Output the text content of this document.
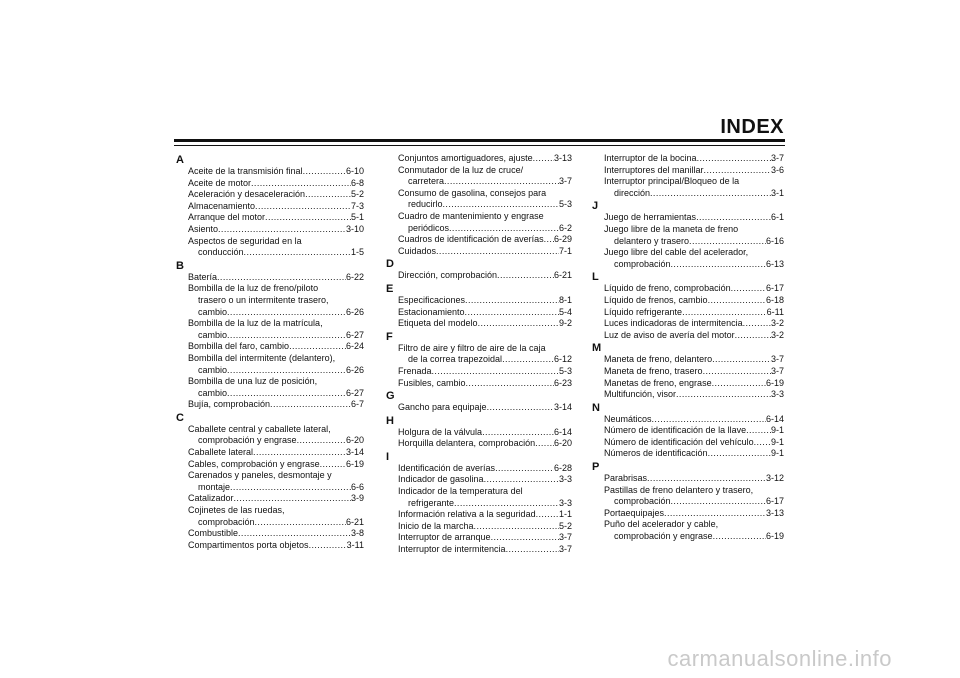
INDEX
A
Aceite de la transmisión final .....	6-10
Aceite de motor .....	6-8
Aceleración y desaceleración .....	5-2
Almacenamiento .....	7-3
Arranque del motor .....	5-1
Asiento .....	3-10
Aspectos de seguridad en la
conducción .....	1-5
B
Batería .....	6-22
Bombilla de la luz de freno/piloto
trasero o un intermitente trasero,
cambio .....	6-26
Bombilla de la luz de la matrícula,
cambio .....	6-27
Bombilla del faro, cambio .....	6-24
Bombilla del intermitente (delantero),
cambio .....	6-26
Bombilla de una luz de posición,
cambio .....	6-27
Bujía, comprobación .....	6-7
C
Caballete central y caballete lateral,
comprobación y engrase .....	6-20
Caballete lateral .....	3-14
Cables, comprobación y engrase .....	6-19
Carenados y paneles, desmontaje y
montaje .....	6-6
Catalizador .....	3-9
Cojinetes de las ruedas,
comprobación .....	6-21
Combustible .....	3-8
Compartimentos porta objetos .....	3-11
Conjuntos amortiguadores, ajuste ..... 3-13
Conmutador de la luz de cruce/
carretera .....	3-7
Consumo de gasolina, consejos para
reducirlo .....	5-3
Cuadro de mantenimiento y engrase
periódicos .....	6-2
Cuadros de identificación de averías ..... 6-29
Cuidados .....	7-1
D
Dirección, comprobación .....	6-21
E
Especificaciones .....	8-1
Estacionamiento .....	5-4
Etiqueta del modelo .....	9-2
F
Filtro de aire y filtro de aire de la caja
de la correa trapezoidal .....	6-12
Frenada .....	5-3
Fusibles, cambio .....	6-23
G
Gancho para equipaje .....	3-14
H
Holgura de la válvula .....	6-14
Horquilla delantera, comprobación ..... 6-20
I
Identificación de averías .....	6-28
Indicador de gasolina .....	3-3
Indicador de la temperatura del
refrigerante .....	3-3
Información relativa a la seguridad .....	1-1
Inicio de la marcha .....	5-2
Interruptor de arranque .....	3-7
Interruptor de intermitencia .....	3-7
Interruptor de la bocina .....	3-7
Interruptores del manillar .....	3-6
Interruptor principal/Bloqueo de la
dirección .....	3-1
J
Juego de herramientas .....	6-1
Juego libre de la maneta de freno
delantero y trasero .....	6-16
Juego libre del cable del acelerador,
comprobación .....	6-13
L
Líquido de freno, comprobación .....	6-17
Líquido de frenos, cambio .....	6-18
Líquido refrigerante .....	6-11
Luces indicadoras de intermitencia .....	3-2
Luz de aviso de avería del motor .....	3-2
M
Maneta de freno, delantero .....	3-7
Maneta de freno, trasero .....	3-7
Manetas de freno, engrase .....	6-19
Multifunción, visor .....	3-3
N
Neumáticos .....	6-14
Número de identificación de la llave .....	9-1
Número de identificación del vehículo ..... 9-1
Números de identificación .....	9-1
P
Parabrisas .....	3-12
Pastillas de freno delantero y trasero,
comprobación .....	6-17
Portaequipajes .....	3-13
Puño del acelerador y cable,
comprobación y engrase .....	6-19
carmanualsonline.info
